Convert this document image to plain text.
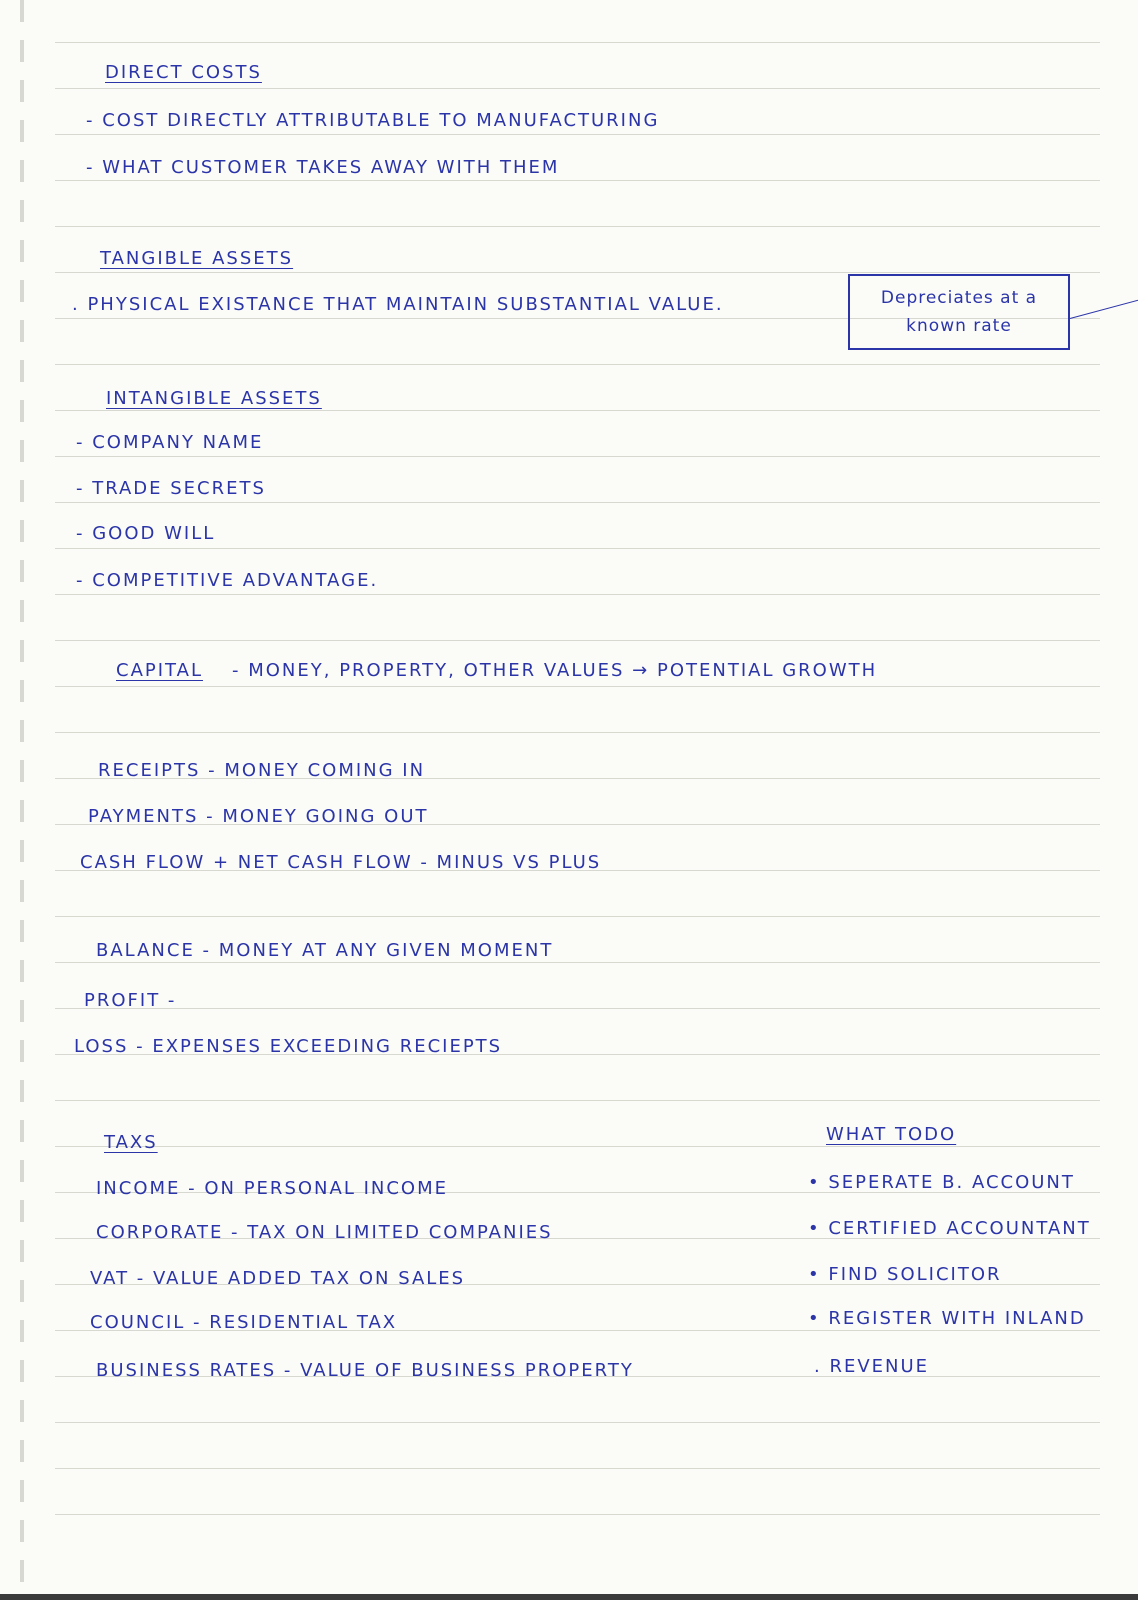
DIRECT COSTS
- COST DIRECTLY ATTRIBUTABLE TO MANUFACTURING
- WHAT CUSTOMER TAKES AWAY WITH THEM
TANGIBLE ASSETS
. PHYSICAL EXISTANCE THAT MAINTAIN SUBSTANTIAL VALUE.	Depreciates at a
known rate
INTANGIBLE ASSETS
- COMPANY NAME
- TRADE SECRETS
- GOOD WILL
- COMPETITIVE ADVANTAGE.
CAPITAL - MONEY, PROPERTY, OTHER VALUES → POTENTIAL GROWTH
RECEIPTS - MONEY COMING IN
PAYMENTS - MONEY GOING OUT
CASH FLOW + NET CASH FLOW - MINUS VS PLUS
BALANCE - MONEY AT ANY GIVEN MOMENT
PROFIT -
LOSS - EXPENSES EXCEEDING RECIEPTS
TAXS
INCOME - ON PERSONAL INCOME
CORPORATE - TAX ON LIMITED COMPANIES
VAT - VALUE ADDED TAX ON SALES
COUNCIL - RESIDENTIAL TAX
BUSINESS RATES - VALUE OF BUSINESS PROPERTY
WHAT TODO
• SEPERATE B. ACCOUNT
• CERTIFIED ACCOUNTANT
• FIND SOLICITOR
• REGISTER WITH INLAND
. REVENUE
